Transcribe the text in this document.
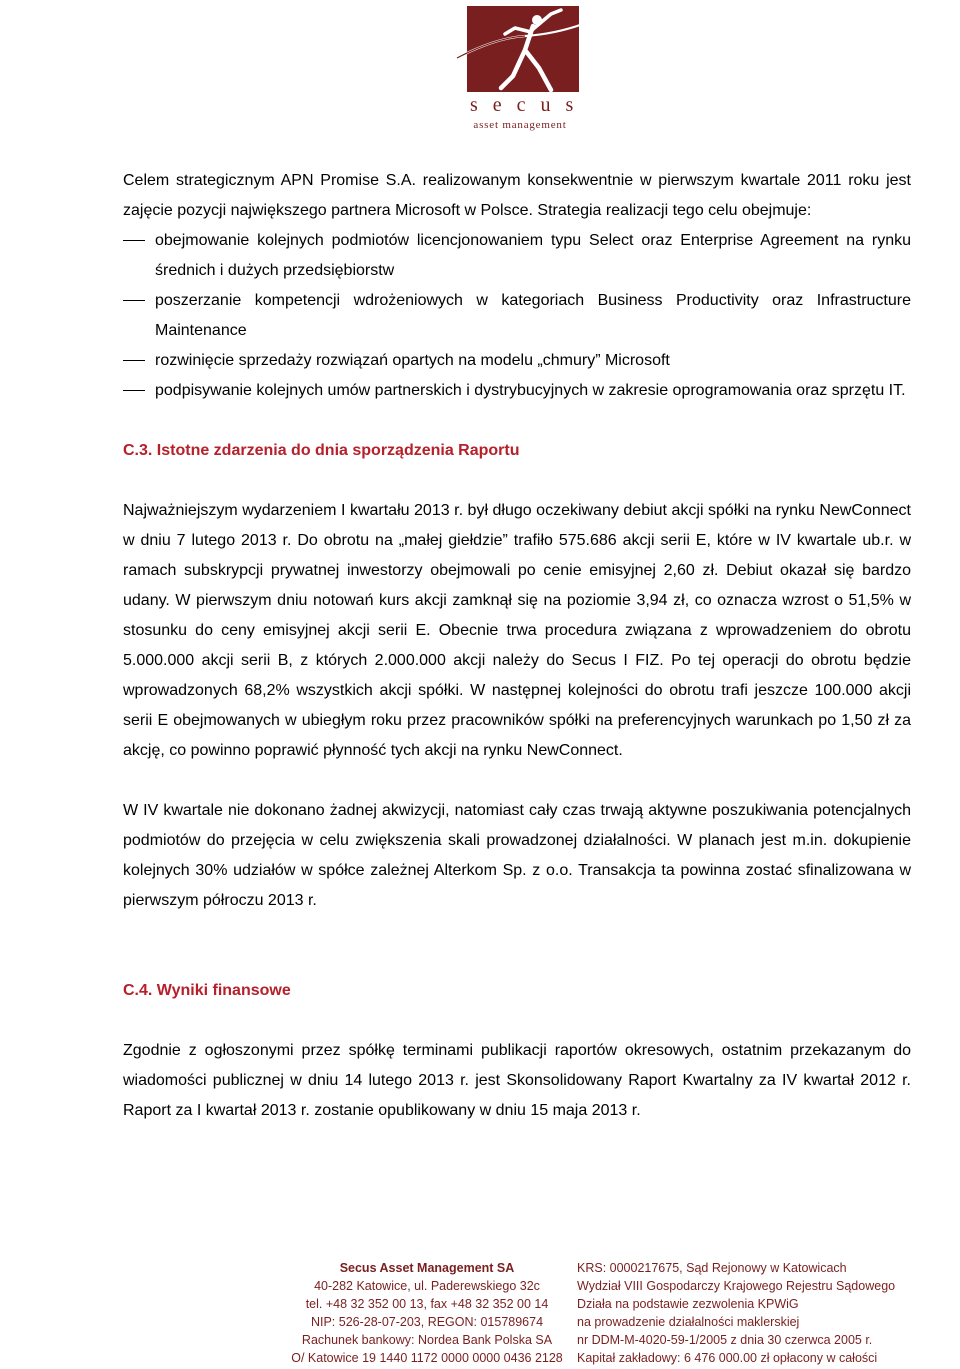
secus
asset management

Celem strategicznym APN Promise S.A. realizowanym konsekwentnie w pierwszym kwartale 2011 roku jest zajęcie pozycji największego partnera Microsoft w Polsce. Strategia realizacji tego celu obejmuje:

obejmowanie kolejnych podmiotów licencjonowaniem typu Select oraz Enterprise Agreement na rynku średnich i dużych przedsiębiorstw
poszerzanie kompetencji wdrożeniowych w kategoriach Business Productivity oraz Infrastructure Maintenance
rozwinięcie sprzedaży rozwiązań opartych na modelu „chmury” Microsoft
podpisywanie kolejnych umów partnerskich i dystrybucyjnych w zakresie oprogramowania oraz sprzętu IT.

C.3. Istotne zdarzenia do dnia sporządzenia Raportu

Najważniejszym wydarzeniem I kwartału 2013 r. był długo oczekiwany debiut akcji spółki na rynku NewConnect w dniu 7 lutego 2013 r. Do obrotu na „małej giełdzie” trafiło 575.686 akcji serii E, które w IV kwartale ub.r. w ramach subskrypcji prywatnej inwestorzy obejmowali po cenie emisyjnej 2,60 zł. Debiut okazał się bardzo udany. W pierwszym dniu notowań kurs akcji zamknął się na poziomie 3,94 zł, co oznacza wzrost o 51,5% w stosunku do ceny emisyjnej akcji serii E. Obecnie trwa procedura związana z wprowadzeniem do obrotu 5.000.000 akcji serii B, z których 2.000.000 akcji należy do Secus I FIZ. Po tej operacji do obrotu będzie wprowadzonych 68,2% wszystkich akcji spółki. W następnej kolejności do obrotu trafi jeszcze 100.000 akcji serii E obejmowanych w ubiegłym roku przez pracowników spółki na preferencyjnych warunkach po 1,50 zł za akcję, co powinno poprawić płynność tych akcji na rynku NewConnect.

W IV kwartale nie dokonano żadnej akwizycji, natomiast cały czas trwają aktywne poszukiwania potencjalnych podmiotów do przejęcia w celu zwiększenia skali prowadzonej działalności. W planach jest m.in. dokupienie kolejnych 30% udziałów w spółce zależnej Alterkom Sp. z o.o. Transakcja ta powinna zostać sfinalizowana w pierwszym półroczu 2013 r.

C.4. Wyniki finansowe

Zgodnie z ogłoszonymi przez spółkę terminami publikacji raportów okresowych, ostatnim przekazanym do wiadomości publicznej w dniu 14 lutego 2013 r. jest Skonsolidowany Raport Kwartalny za IV kwartał 2012 r. Raport za I kwartał 2013 r. zostanie opublikowany w dniu 15 maja 2013 r.

Secus Asset Management SA
40-282 Katowice, ul. Paderewskiego 32c
tel. +48 32 352 00 13, fax +48 32 352 00 14
NIP: 526-28-07-203, REGON: 015789674
Rachunek bankowy: Nordea Bank Polska SA
O/ Katowice 19 1440 1172 0000 0000 0436 2128
KRS: 0000217675, Sąd Rejonowy w Katowicach
Wydział VIII Gospodarczy Krajowego Rejestru Sądowego
Działa na podstawie zezwolenia KPWiG
na prowadzenie działalności maklerskiej
nr DDM-M-4020-59-1/2005 z dnia 30 czerwca 2005 r.
Kapitał zakładowy: 6 476 000.00 zł opłacony w całości
